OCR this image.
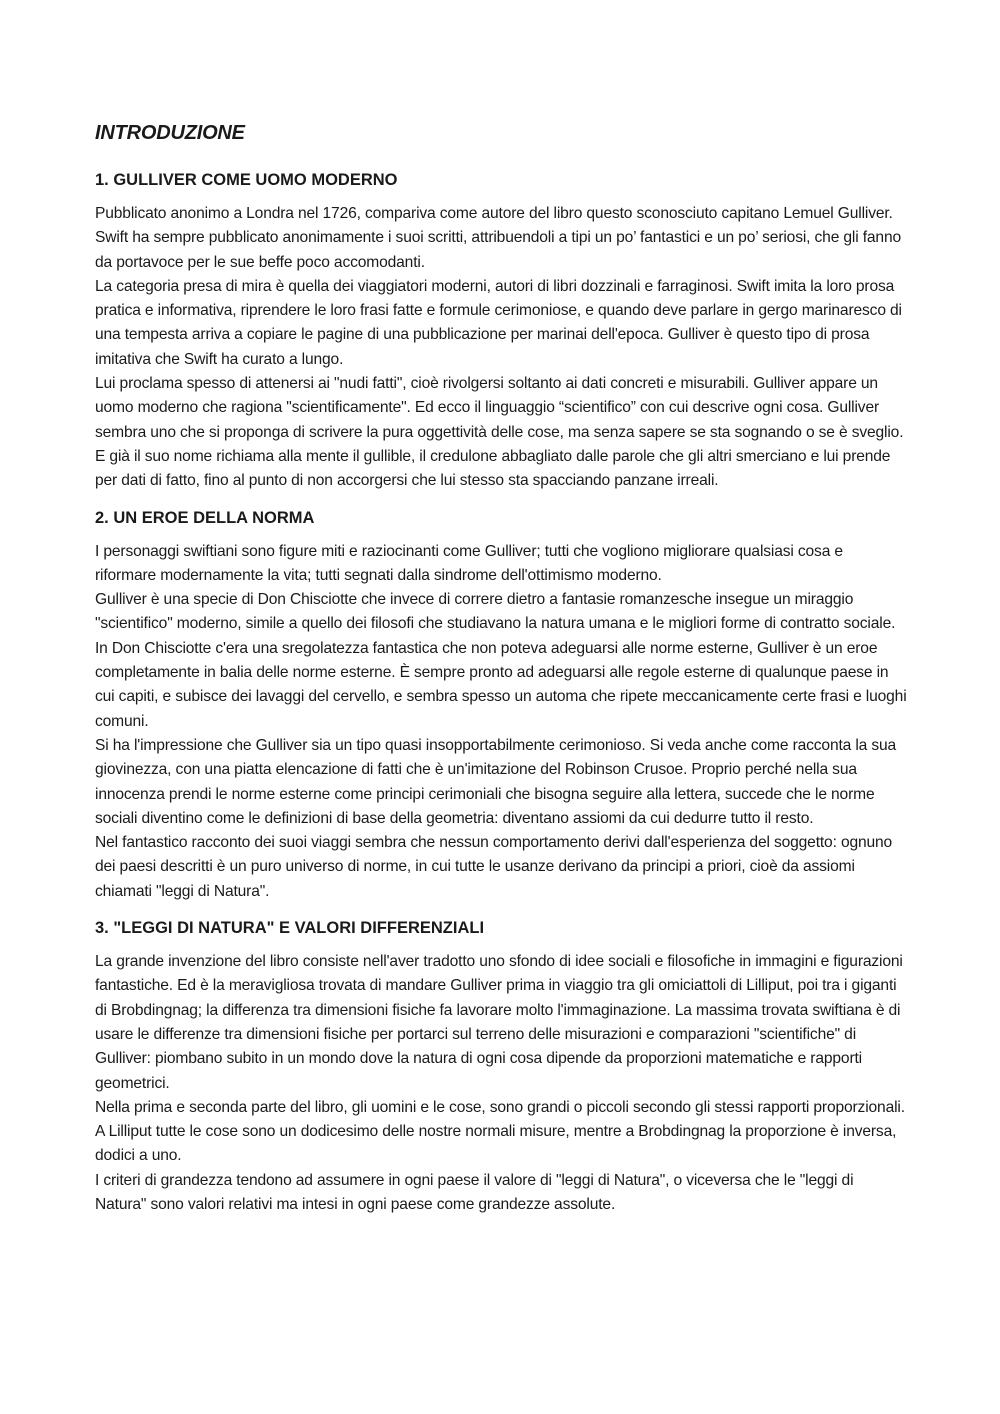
INTRODUZIONE
1. GULLIVER COME UOMO MODERNO

Pubblicato anonimo a Londra nel 1726, compariva come autore del libro questo sconosciuto capitano Lemuel Gulliver. Swift ha sempre pubblicato anonimamente i suoi scritti, attribuendoli a tipi un po’ fantastici e un po’ seriosi, che gli fanno da portavoce per le sue beffe poco accomodanti.

La categoria presa di mira è quella dei viaggiatori moderni, autori di libri dozzinali e farraginosi. Swift imita la loro prosa pratica e informativa, riprendere le loro frasi fatte e formule cerimoniose, e quando deve parlare in gergo marinaresco di una tempesta arriva a copiare le pagine di una pubblicazione per marinai dell'epoca. Gulliver è questo tipo di prosa imitativa che Swift ha curato a lungo.

Lui proclama spesso di attenersi ai "nudi fatti", cioè rivolgersi soltanto ai dati concreti e misurabili. Gulliver appare un uomo moderno che ragiona "scientificamente". Ed ecco il linguaggio “scientifico” con cui descrive ogni cosa. Gulliver sembra uno che si proponga di scrivere la pura oggettività delle cose, ma senza sapere se sta sognando o se è sveglio. E già il suo nome richiama alla mente il gullible, il credulone abbagliato dalle parole che gli altri smerciano e lui prende per dati di fatto, fino al punto di non accorgersi che lui stesso sta spacciando panzane irreali.

2. UN EROE DELLA NORMA

I personaggi swiftiani sono figure miti e raziocinanti come Gulliver; tutti che vogliono migliorare qualsiasi cosa e riformare modernamente la vita; tutti segnati dalla sindrome dell'ottimismo moderno.

Gulliver è una specie di Don Chisciotte che invece di correre dietro a fantasie romanzesche insegue un miraggio "scientifico" moderno, simile a quello dei filosofi che studiavano la natura umana e le migliori forme di contratto sociale. In Don Chisciotte c'era una sregolatezza fantastica che non poteva adeguarsi alle norme esterne, Gulliver è un eroe completamente in balia delle norme esterne. È sempre pronto ad adeguarsi alle regole esterne di qualunque paese in cui capiti, e subisce dei lavaggi del cervello, e sembra spesso un automa che ripete meccanicamente certe frasi e luoghi comuni.

Si ha l'impressione che Gulliver sia un tipo quasi insopportabilmente cerimonioso. Si veda anche come racconta la sua giovinezza, con una piatta elencazione di fatti che è un'imitazione del Robinson Crusoe. Proprio perché nella sua innocenza prendi le norme esterne come principi cerimoniali che bisogna seguire alla lettera, succede che le norme sociali diventino come le definizioni di base della geometria: diventano assiomi da cui dedurre tutto il resto.

Nel fantastico racconto dei suoi viaggi sembra che nessun comportamento derivi dall'esperienza del soggetto: ognuno dei paesi descritti è un puro universo di norme, in cui tutte le usanze derivano da principi a priori, cioè da assiomi chiamati "leggi di Natura".

3. "LEGGI DI NATURA" E VALORI DIFFERENZIALI

La grande invenzione del libro consiste nell'aver tradotto uno sfondo di idee sociali e filosofiche in immagini e figurazioni fantastiche. Ed è la meravigliosa trovata di mandare Gulliver prima in viaggio tra gli omiciattoli di Lilliput, poi tra i giganti di Brobdingnag; la differenza tra dimensioni fisiche fa lavorare molto l'immaginazione. La massima trovata swiftiana è di usare le differenze tra dimensioni fisiche per portarci sul terreno delle misurazioni e comparazioni "scientifiche" di Gulliver: piombano subito in un mondo dove la natura di ogni cosa dipende da proporzioni matematiche e rapporti geometrici.

Nella prima e seconda parte del libro, gli uomini e le cose, sono grandi o piccoli secondo gli stessi rapporti proporzionali. A Lilliput tutte le cose sono un dodicesimo delle nostre normali misure, mentre a Brobdingnag la proporzione è inversa, dodici a uno.

I criteri di grandezza tendono ad assumere in ogni paese il valore di "leggi di Natura", o viceversa che le "leggi di Natura" sono valori relativi ma intesi in ogni paese come grandezze assolute.
